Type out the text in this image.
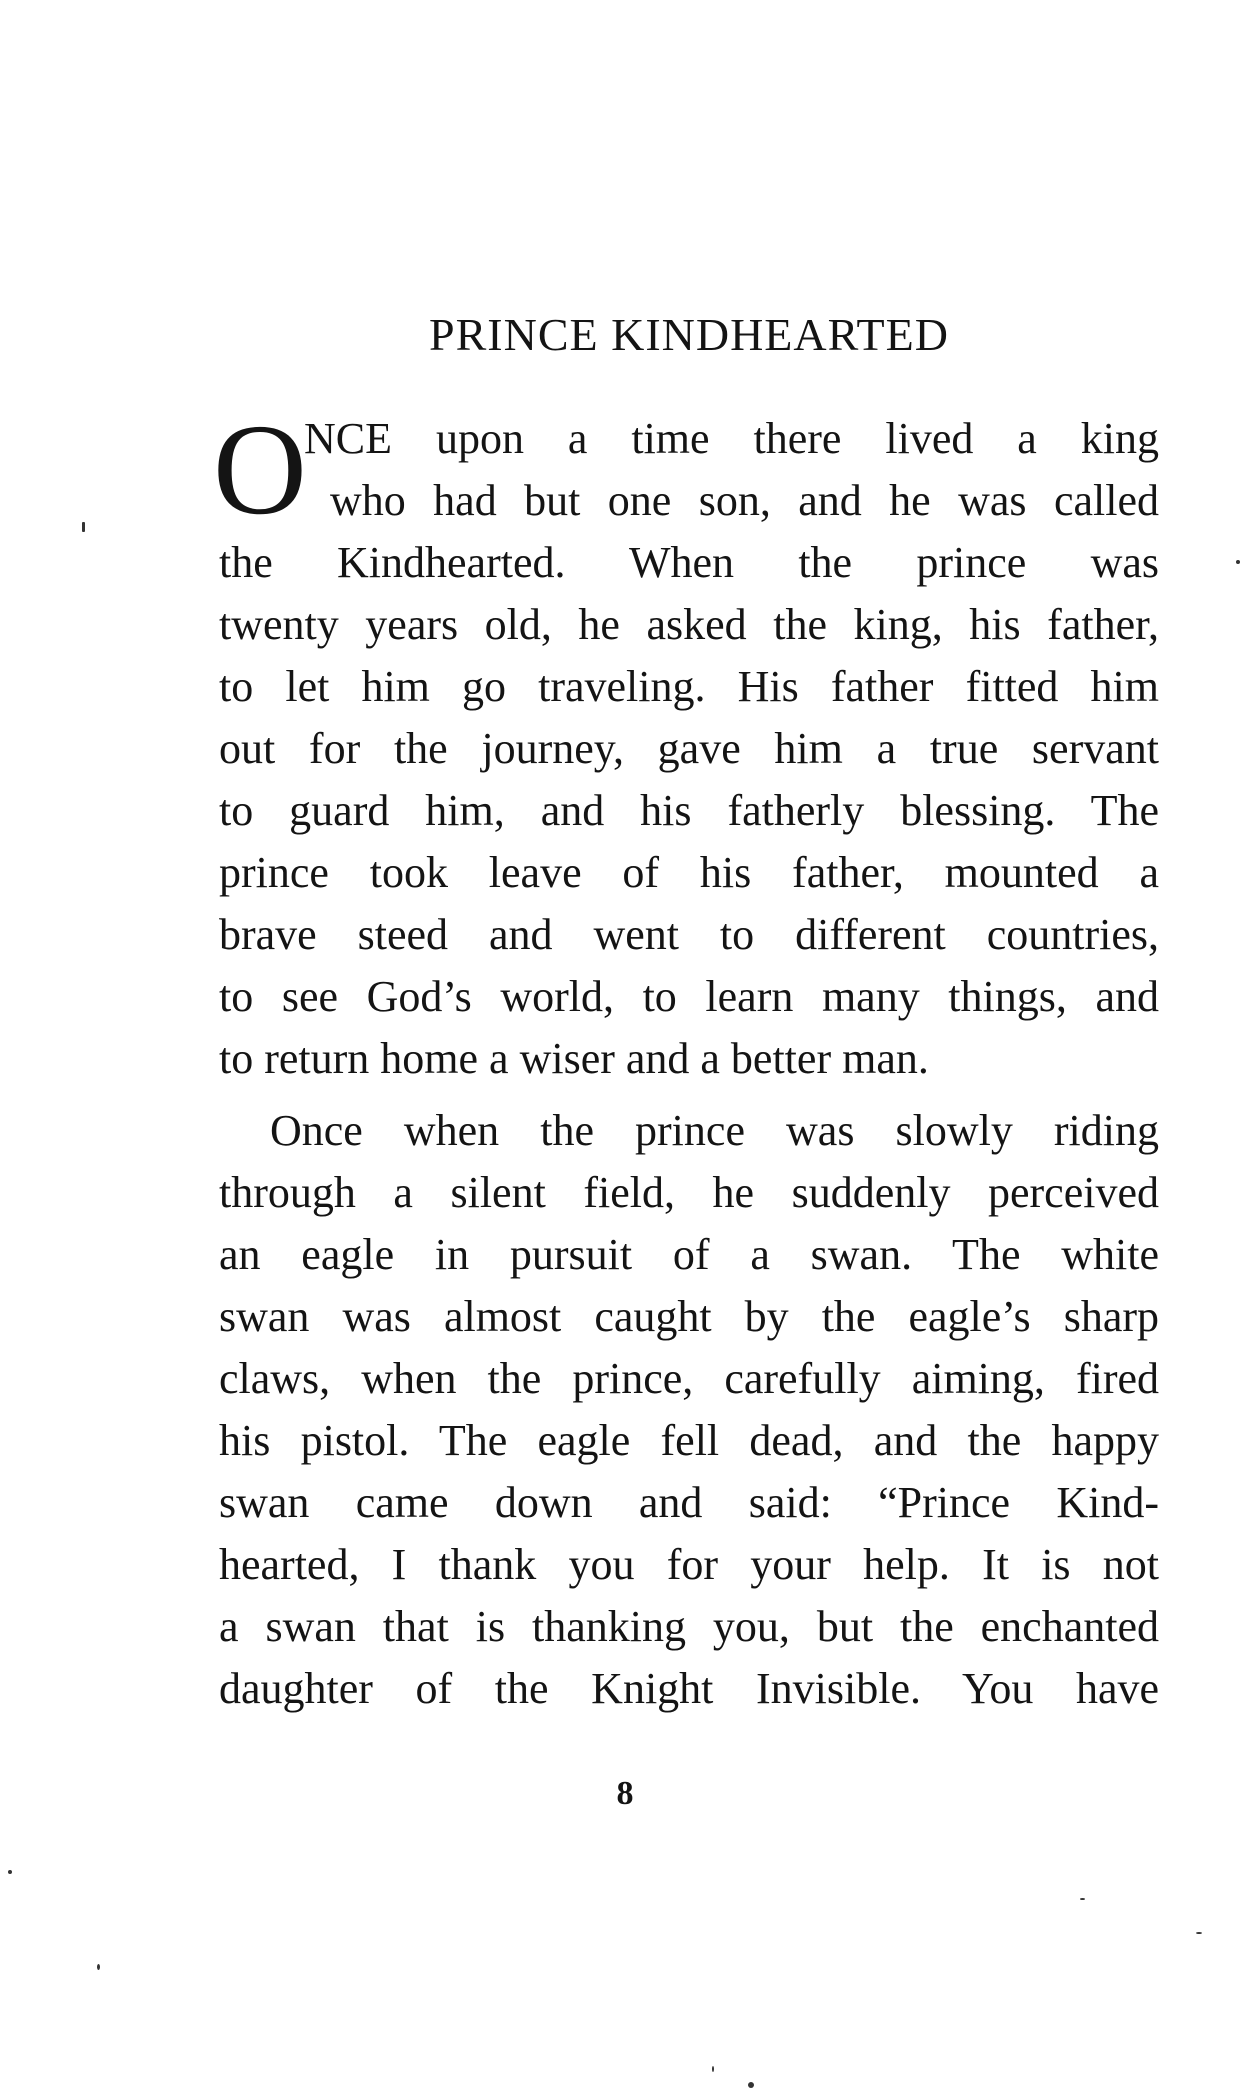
PRINCE KINDHEARTED
O
NCE upon a time there lived a king
who had but one son, and he was called
the Kindhearted. When the prince was
twenty years old, he asked the king, his father,
to let him go traveling. His father fitted him
out for the journey, gave him a true servant
to guard him, and his fatherly blessing. The
prince took leave of his father, mounted a
brave steed and went to different countries,
to see God’s world, to learn many things, and
to return home a wiser and a better man.
Once when the prince was slowly riding
through a silent field, he suddenly perceived
an eagle in pursuit of a swan. The white
swan was almost caught by the eagle’s sharp
claws, when the prince, carefully aiming, fired
his pistol. The eagle fell dead, and the happy
swan came down and said: “Prince Kind-
hearted, I thank you for your help. It is not
a swan that is thanking you, but the enchanted
daughter of the Knight Invisible. You have
8
